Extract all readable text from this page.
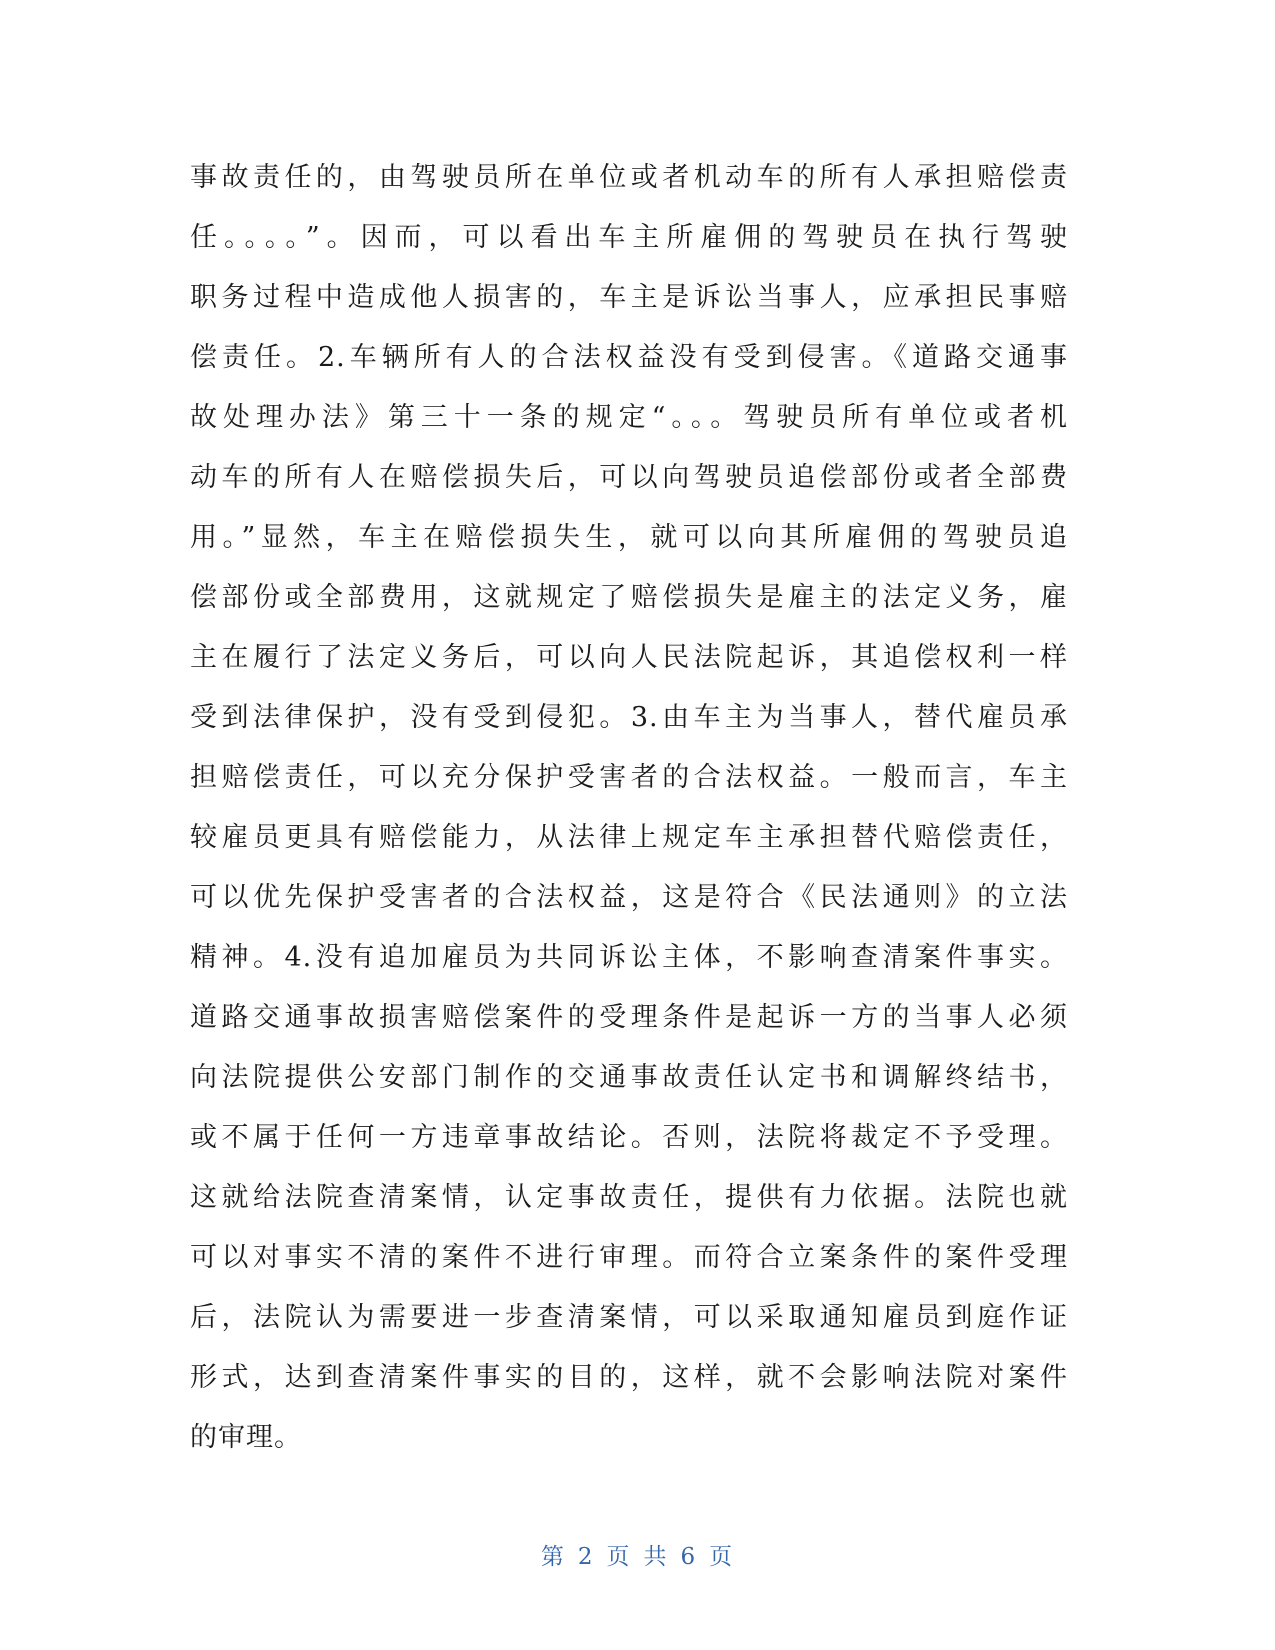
事故责任的，由驾驶员所在单位或者机动车的所有人承担赔偿责
任。。。。”。因而，可以看出车主所雇佣的驾驶员在执行驾驶
职务过程中造成他人损害的，车主是诉讼当事人，应承担民事赔
偿责任。2.车辆所有人的合法权益没有受到侵害。《道路交通事
故处理办法》第三十一条的规定“。。。驾驶员所有单位或者机
动车的所有人在赔偿损失后，可以向驾驶员追偿部份或者全部费
用。”显然，车主在赔偿损失生，就可以向其所雇佣的驾驶员追
偿部份或全部费用，这就规定了赔偿损失是雇主的法定义务，雇
主在履行了法定义务后，可以向人民法院起诉，其追偿权利一样
受到法律保护，没有受到侵犯。3.由车主为当事人，替代雇员承
担赔偿责任，可以充分保护受害者的合法权益。一般而言，车主
较雇员更具有赔偿能力，从法律上规定车主承担替代赔偿责任，
可以优先保护受害者的合法权益，这是符合《民法通则》的立法
精神。4.没有追加雇员为共同诉讼主体，不影响查清案件事实。
道路交通事故损害赔偿案件的受理条件是起诉一方的当事人必须
向法院提供公安部门制作的交通事故责任认定书和调解终结书，
或不属于任何一方违章事故结论。否则，法院将裁定不予受理。
这就给法院查清案情，认定事故责任，提供有力依据。法院也就
可以对事实不清的案件不进行审理。而符合立案条件的案件受理
后，法院认为需要进一步查清案情，可以采取通知雇员到庭作证
形式，达到查清案件事实的目的，这样，就不会影响法院对案件
的审理。
第 2 页 共 6 页
